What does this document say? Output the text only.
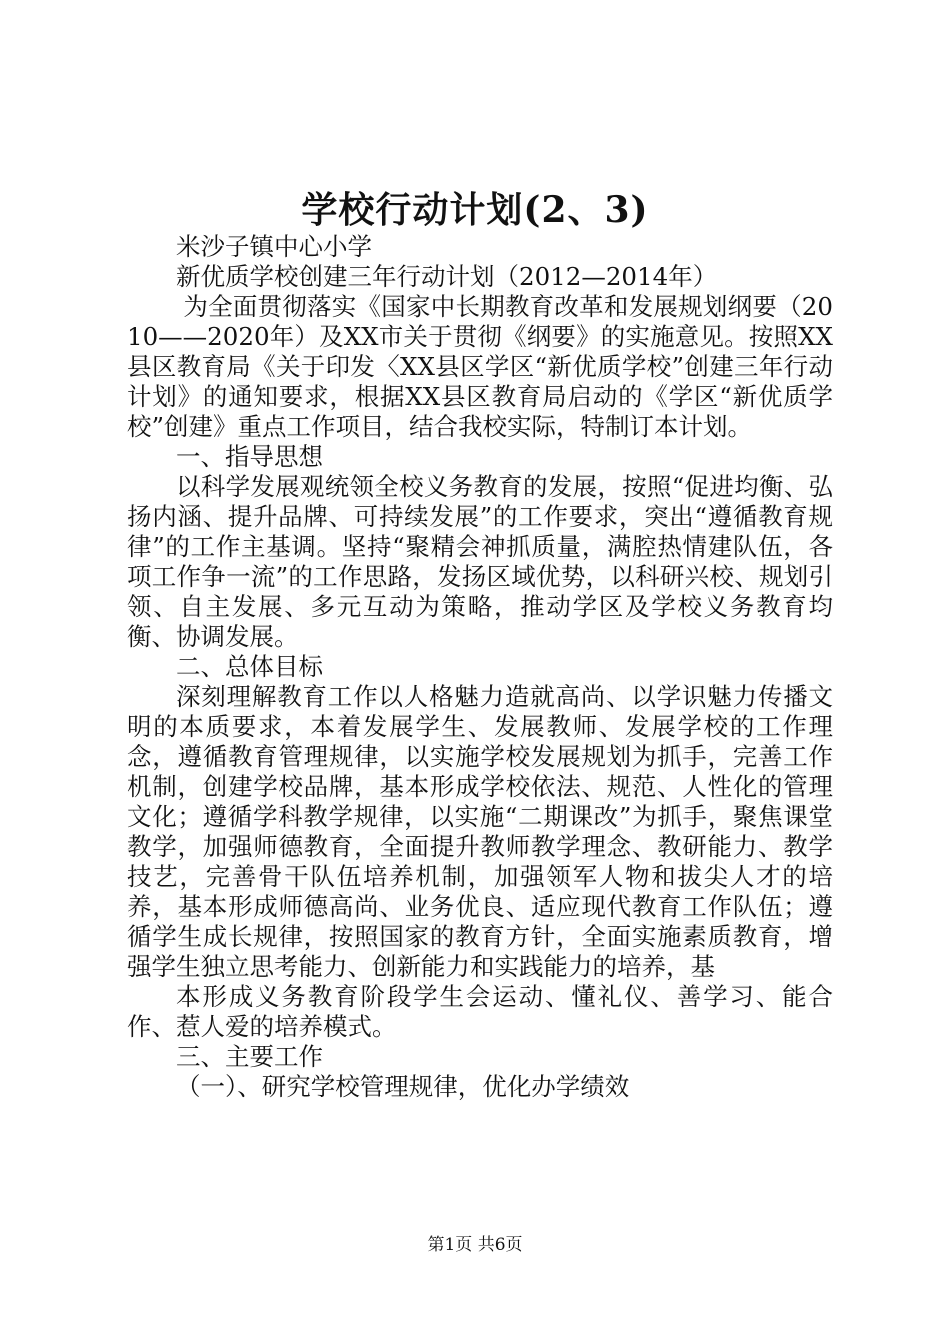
学校行动计划(2、3)

米沙子镇中心小学

新优质学校创建三年行动计划（2012—2014年）

为全面贯彻落实《国家中长期教育改革和发展规划纲要（2010——2020年）及XX市关于贯彻《纲要》的实施意见。按照XX县区教育局《关于印发〈XX县区学区“新优质学校”创建三年行动计划》的通知要求，根据XX县区教育局启动的《学区“新优质学校”创建》重点工作项目，结合我校实际，特制订本计划。

一、指导思想

以科学发展观统领全校义务教育的发展，按照“促进均衡、弘扬内涵、提升品牌、可持续发展”的工作要求，突出“遵循教育规律”的工作主基调。坚持“聚精会神抓质量，满腔热情建队伍，各项工作争一流”的工作思路，发扬区域优势，以科研兴校、规划引领、自主发展、多元互动为策略，推动学区及学校义务教育均衡、协调发展。

二、总体目标

深刻理解教育工作以人格魅力造就高尚、以学识魅力传播文明的本质要求，本着发展学生、发展教师、发展学校的工作理念，遵循教育管理规律，以实施学校发展规划为抓手，完善工作机制，创建学校品牌，基本形成学校依法、规范、人性化的管理文化；遵循学科教学规律，以实施“二期课改”为抓手，聚焦课堂教学，加强师德教育，全面提升教师教学理念、教研能力、教学技艺，完善骨干队伍培养机制，加强领军人物和拔尖人才的培养，基本形成师德高尚、业务优良、适应现代教育工作队伍；遵循学生成长规律，按照国家的教育方针，全面实施素质教育，增强学生独立思考能力、创新能力和实践能力的培养，基

本形成义务教育阶段学生会运动、懂礼仪、善学习、能合作、惹人爱的培养模式。

三、主要工作

（一）、研究学校管理规律，优化办学绩效

第1页 共6页
